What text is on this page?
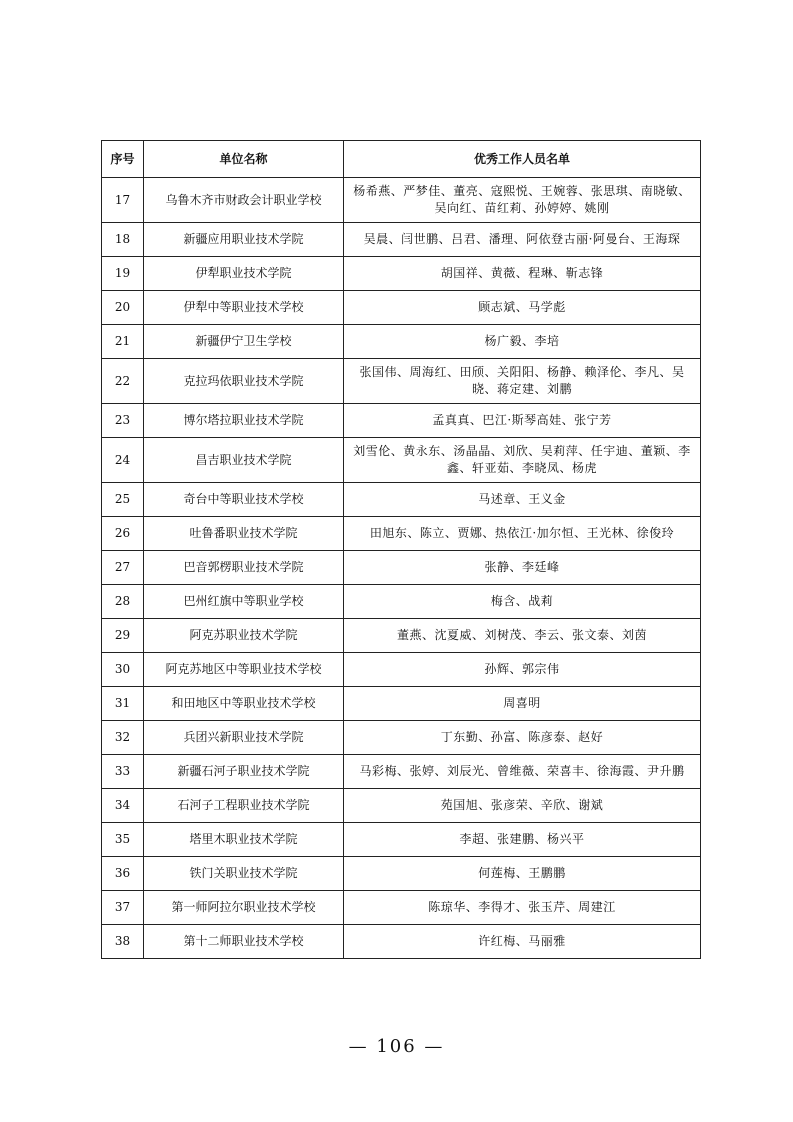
序号	单位名称	优秀工作人员名单
17	乌鲁木齐市财政会计职业学校	杨希燕、严梦佳、董亮、寇熙悦、王婉蓉、张思琪、南晓敏、吴向红、苗红莉、孙婷婷、姚刚
18	新疆应用职业技术学院	吴晨、闫世鹏、吕君、潘理、阿依登古丽·阿曼台、王海琛
19	伊犁职业技术学院	胡国祥、黄薇、程琳、靳志锋
20	伊犁中等职业技术学校	顾志斌、马学彪
21	新疆伊宁卫生学校	杨广毅、李培
22	克拉玛依职业技术学院	张国伟、周海红、田颀、关阳阳、杨静、赖泽伦、李凡、吴晓、蒋定建、刘鹏
23	博尔塔拉职业技术学院	孟真真、巴江·斯琴高娃、张宁芳
24	昌吉职业技术学院	刘雪伦、黄永东、汤晶晶、刘欣、吴莉萍、任宇迪、董颖、李鑫、轩亚茹、李晓凤、杨虎
25	奇台中等职业技术学校	马述章、王义金
26	吐鲁番职业技术学院	田旭东、陈立、贾娜、热依江·加尔恒、王光林、徐俊玲
27	巴音郭楞职业技术学院	张静、李廷峰
28	巴州红旗中等职业学校	梅含、战莉
29	阿克苏职业技术学院	董燕、沈夏威、刘树茂、李云、张文泰、刘茵
30	阿克苏地区中等职业技术学校	孙辉、郭宗伟
31	和田地区中等职业技术学校	周喜明
32	兵团兴新职业技术学院	丁东勤、孙富、陈彦泰、赵好
33	新疆石河子职业技术学院	马彩梅、张婷、刘辰光、曾维薇、荣喜丰、徐海霞、尹升鹏
34	石河子工程职业技术学院	苑国旭、张彦荣、辛欣、谢斌
35	塔里木职业技术学院	李超、张建鹏、杨兴平
36	铁门关职业技术学院	何莲梅、王鹏鹏
37	第一师阿拉尔职业技术学校	陈琼华、李得才、张玉芹、周建江
38	第十二师职业技术学校	许红梅、马丽雅
— 106 —
